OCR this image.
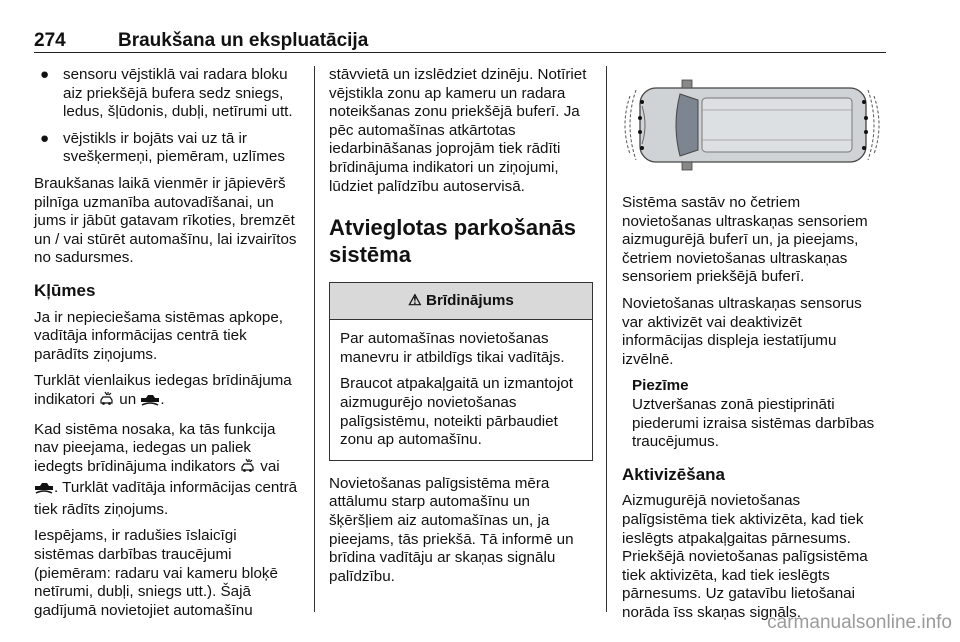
274	Braukšana un ekspluatācija
● sensoru vējstiklā vai radara bloku aiz priekšējā bufera sedz sniegs, ledus, šļūdonis, dubļi, netīrumi utt.
● vējstikls ir bojāts vai uz tā ir svešķermeņi, piemēram, uzlīmes

Braukšanas laikā vienmēr ir jāpievērš pilnīga uzmanība autovadīšanai, un jums ir jābūt gatavam rīkoties, bremzēt un / vai stūrēt automašīnu, lai izvairītos no sadursmes.

Kļūmes

Ja ir nepieciešama sistēmas apkope, vadītāja informācijas centrā tiek parādīts ziņojums.

Turklāt vienlaikus iedegas brīdinājuma indikatori un .

Kad sistēma nosaka, ka tās funkcija nav pieejama, iedegas un paliek iedegts brīdinājuma indikators vai
. Turklāt vadītāja informācijas centrā tiek rādīts ziņojums.

Iespējams, ir radušies īslaicīgi sistēmas darbības traucējumi (piemēram: radaru vai kameru bloķē netīrumi, dubļi, sniegs utt.). Šajā gadījumā novietojiet automašīnu

stāvvietā un izslēdziet dzinēju. Notīriet vējstikla zonu ap kameru un radara noteikšanas zonu priekšējā buferī. Ja pēc automašīnas atkārtotas iedarbināšanas joprojām tiek rādīti brīdinājuma indikatori un ziņojumi, lūdziet palīdzību autoservisā.

Atvieglotas parkošanās sistēma
⚠ Brīdinājums

Par automašīnas novietošanas manevru ir atbildīgs tikai vadītājs.

Braucot atpakaļgaitā un izmantojot aizmugurējo novietošanas palīgsistēmu, noteikti pārbaudiet zonu ap automašīnu.

Novietošanas palīgsistēma mēra attālumu starp automašīnu un šķēršļiem aiz automašīnas un, ja pieejams, tās priekšā. Tā informē un brīdina vadītāju ar skaņas signālu palīdzību.

Sistēma sastāv no četriem novietošanas ultraskaņas sensoriem aizmugurējā buferī un, ja pieejams, četriem novietošanas ultraskaņas sensoriem priekšējā buferī.

Novietošanas ultraskaņas sensorus var aktivizēt vai deaktivizēt informācijas displeja iestatījumu izvēlnē.

Piezīme
Uztveršanas zonā piestiprināti piederumi izraisa sistēmas darbības traucējumus.
Aktivizēšana

Aizmugurējā novietošanas palīgsistēma tiek aktivizēta, kad tiek ieslēgts atpakaļgaitas pārnesums. Priekšējā novietošanas palīgsistēma tiek aktivizēta, kad tiek ieslēgts pārnesums. Uz gatavību lietošanai norāda īss skaņas signāls.

carmanualsonline.info
